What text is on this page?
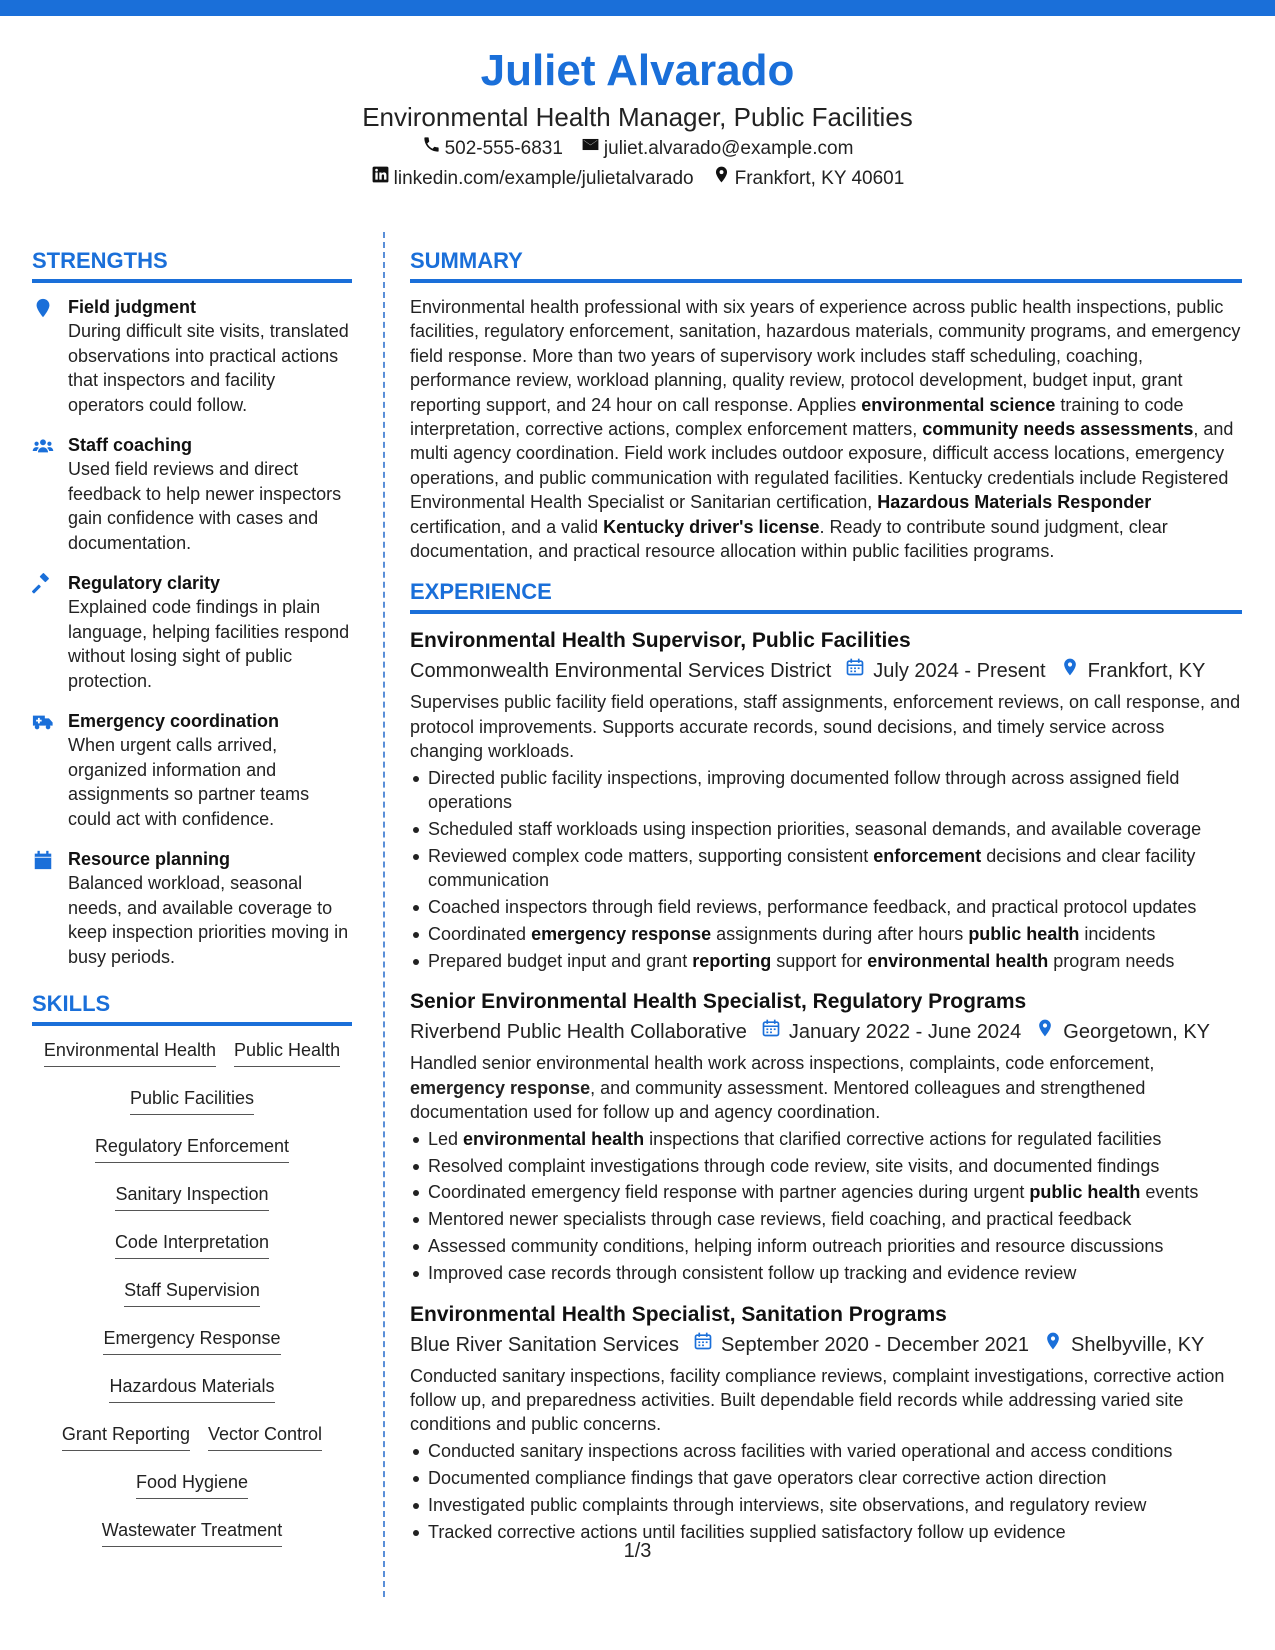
Juliet Alvarado
Environmental Health Manager, Public Facilities
502-555-6831 juliet.alvarado@example.com
linkedin.com/example/julietalvarado Frankfort, KY 40601
STRENGTHS
Field judgment
During difficult site visits, translated observations into practical actions that inspectors and facility operators could follow.
Staff coaching
Used field reviews and direct feedback to help newer inspectors gain confidence with cases and documentation.
Regulatory clarity
Explained code findings in plain language, helping facilities respond without losing sight of public protection.
Emergency coordination
When urgent calls arrived, organized information and assignments so partner teams could act with confidence.
Resource planning
Balanced workload, seasonal needs, and available coverage to keep inspection priorities moving in busy periods.
SKILLS
Environmental Health Public Health
Public Facilities
Regulatory Enforcement
Sanitary Inspection
Code Interpretation
Staff Supervision
Emergency Response
Hazardous Materials
Grant Reporting Vector Control
Food Hygiene
Wastewater Treatment
SUMMARY
Environmental health professional with six years of experience across public health inspections, public facilities, regulatory enforcement, sanitation, hazardous materials, community programs, and emergency field response. More than two years of supervisory work includes staff scheduling, coaching, performance review, workload planning, quality review, protocol development, budget input, grant reporting support, and 24 hour on call response. Applies environmental science training to code interpretation, corrective actions, complex enforcement matters, community needs assessments, and multi agency coordination. Field work includes outdoor exposure, difficult access locations, emergency operations, and public communication with regulated facilities. Kentucky credentials include Registered Environmental Health Specialist or Sanitarian certification, Hazardous Materials Responder certification, and a valid Kentucky driver's license. Ready to contribute sound judgment, clear documentation, and practical resource allocation within public facilities programs.
EXPERIENCE
Environmental Health Supervisor, Public Facilities
Commonwealth Environmental Services District July 2024 - Present Frankfort, KY
Supervises public facility field operations, staff assignments, enforcement reviews, on call response, and protocol improvements. Supports accurate records, sound decisions, and timely service across changing workloads.
Directed public facility inspections, improving documented follow through across assigned field operations
Scheduled staff workloads using inspection priorities, seasonal demands, and available coverage
Reviewed complex code matters, supporting consistent enforcement decisions and clear facility communication
Coached inspectors through field reviews, performance feedback, and practical protocol updates
Coordinated emergency response assignments during after hours public health incidents
Prepared budget input and grant reporting support for environmental health program needs
Senior Environmental Health Specialist, Regulatory Programs
Riverbend Public Health Collaborative January 2022 - June 2024 Georgetown, KY
Handled senior environmental health work across inspections, complaints, code enforcement, emergency response, and community assessment. Mentored colleagues and strengthened documentation used for follow up and agency coordination.
Led environmental health inspections that clarified corrective actions for regulated facilities
Resolved complaint investigations through code review, site visits, and documented findings
Coordinated emergency field response with partner agencies during urgent public health events
Mentored newer specialists through case reviews, field coaching, and practical feedback
Assessed community conditions, helping inform outreach priorities and resource discussions
Improved case records through consistent follow up tracking and evidence review
Environmental Health Specialist, Sanitation Programs
Blue River Sanitation Services September 2020 - December 2021 Shelbyville, KY
Conducted sanitary inspections, facility compliance reviews, complaint investigations, corrective action follow up, and preparedness activities. Built dependable field records while addressing varied site conditions and public concerns.
Conducted sanitary inspections across facilities with varied operational and access conditions
Documented compliance findings that gave operators clear corrective action direction
Investigated public complaints through interviews, site observations, and regulatory review
Tracked corrective actions until facilities supplied satisfactory follow up evidence
1/3
